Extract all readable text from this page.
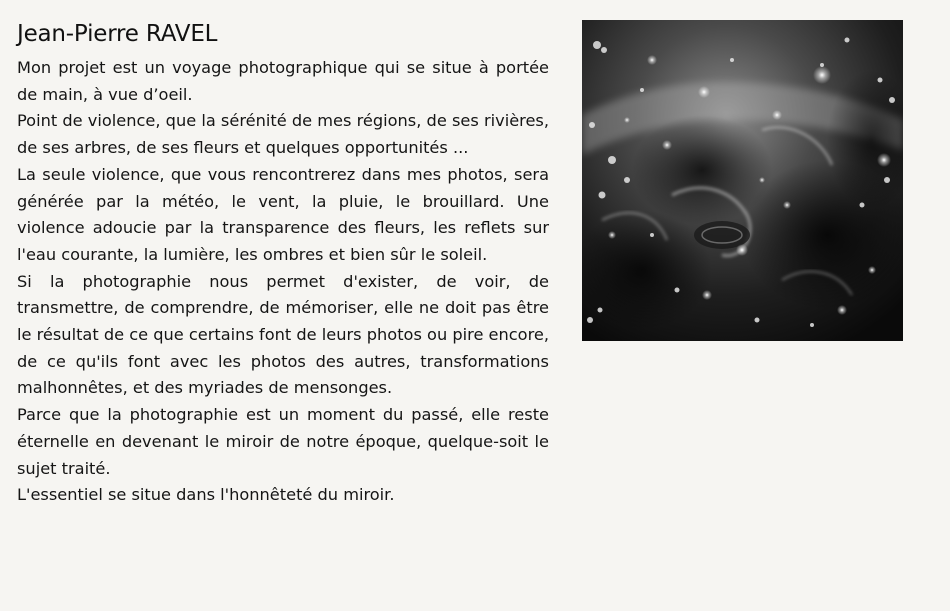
Jean-Pierre RAVEL

Mon projet est un voyage photographique qui se situe à portée de main, à vue d’oeil.

Point de violence, que la sérénité de mes régions, de ses rivières, de ses arbres, de ses fleurs et quelques opportunités ...

La seule violence, que vous rencontrerez dans mes photos, sera générée par la météo, le vent, la pluie, le brouillard. Une violence adoucie par la transparence des fleurs, les reflets sur l'eau courante, la lumière, les ombres et bien sûr le soleil.

Si la photographie nous permet d'exister, de voir, de transmettre, de comprendre, de mémoriser, elle ne doit pas être le résultat de ce que certains font de leurs photos ou pire encore, de ce qu'ils font avec les photos des autres, transformations malhonnêtes, et des myriades de mensonges.

Parce que la photographie est un moment du passé, elle reste éternelle en devenant le miroir de notre époque, quelque-soit le sujet traité.

L'essentiel se situe dans l'honnêteté du miroir.
